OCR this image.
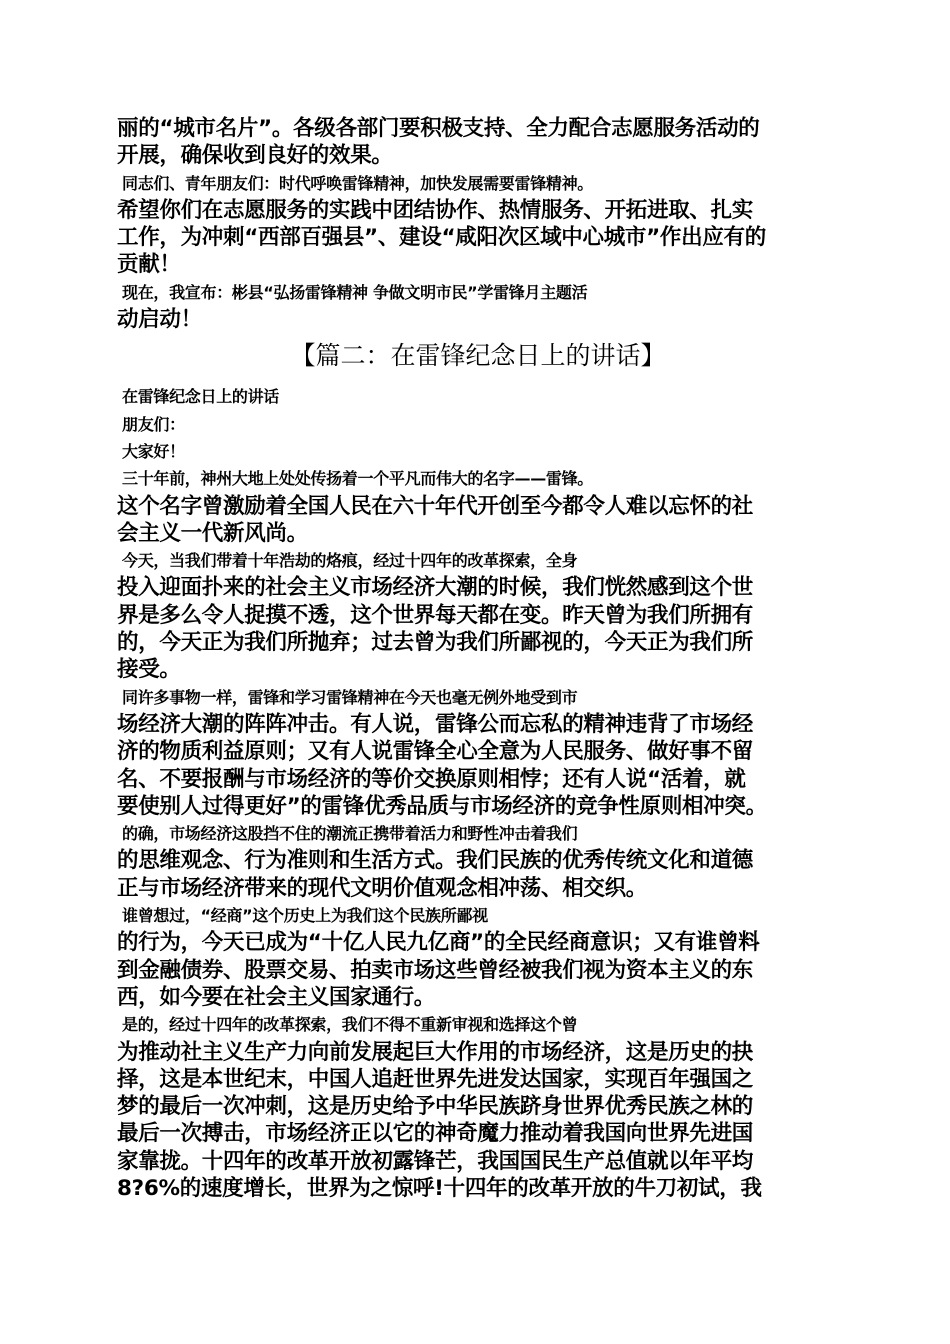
丽的“城市名片”。各级各部门要积极支持、全力配合志愿服务活动的
开展，确保收到良好的效果。
同志们、青年朋友们：时代呼唤雷锋精神，加快发展需要雷锋精神。
希望你们在志愿服务的实践中团结协作、热情服务、开拓进取、扎实
工作，为冲刺“西部百强县”、建设“咸阳次区域中心城市”作出应有的
贡献！
现在，我宣布：彬县“弘扬雷锋精神 争做文明市民”学雷锋月主题活
动启动！
【篇二：在雷锋纪念日上的讲话】
在雷锋纪念日上的讲话
朋友们：
大家好！
三十年前，神州大地上处处传扬着一个平凡而伟大的名字——雷锋。
这个名字曾激励着全国人民在六十年代开创至今都令人难以忘怀的社
会主义一代新风尚。
今天，当我们带着十年浩劫的烙痕，经过十四年的改革探索，全身
投入迎面扑来的社会主义市场经济大潮的时候，我们恍然感到这个世
界是多么令人捉摸不透，这个世界每天都在变。昨天曾为我们所拥有
的，今天正为我们所抛弃；过去曾为我们所鄙视的，今天正为我们所
接受。
同许多事物一样，雷锋和学习雷锋精神在今天也毫无例外地受到市
场经济大潮的阵阵冲击。有人说，雷锋公而忘私的精神违背了市场经
济的物质利益原则；又有人说雷锋全心全意为人民服务、做好事不留
名、不要报酬与市场经济的等价交换原则相悖；还有人说“活着，就
要使别人过得更好”的雷锋优秀品质与市场经济的竞争性原则相冲突。
的确，市场经济这股挡不住的潮流正携带着活力和野性冲击着我们
的思维观念、行为准则和生活方式。我们民族的优秀传统文化和道德
正与市场经济带来的现代文明价值观念相冲荡、相交织。
谁曾想过，“经商”这个历史上为我们这个民族所鄙视
的行为，今天已成为“十亿人民九亿商”的全民经商意识；又有谁曾料
到金融债券、股票交易、拍卖市场这些曾经被我们视为资本主义的东
西，如今要在社会主义国家通行。
是的，经过十四年的改革探索，我们不得不重新审视和选择这个曾
为推动社主义生产力向前发展起巨大作用的市场经济，这是历史的抉
择，这是本世纪末，中国人追赶世界先进发达国家，实现百年强国之
梦的最后一次冲刺，这是历史给予中华民族跻身世界优秀民族之林的
最后一次搏击，市场经济正以它的神奇魔力推动着我国向世界先进国
家靠拢。十四年的改革开放初露锋芒，我国国民生产总值就以年平均
8?6%的速度增长，世界为之惊呼!十四年的改革开放的牛刀初试，我
